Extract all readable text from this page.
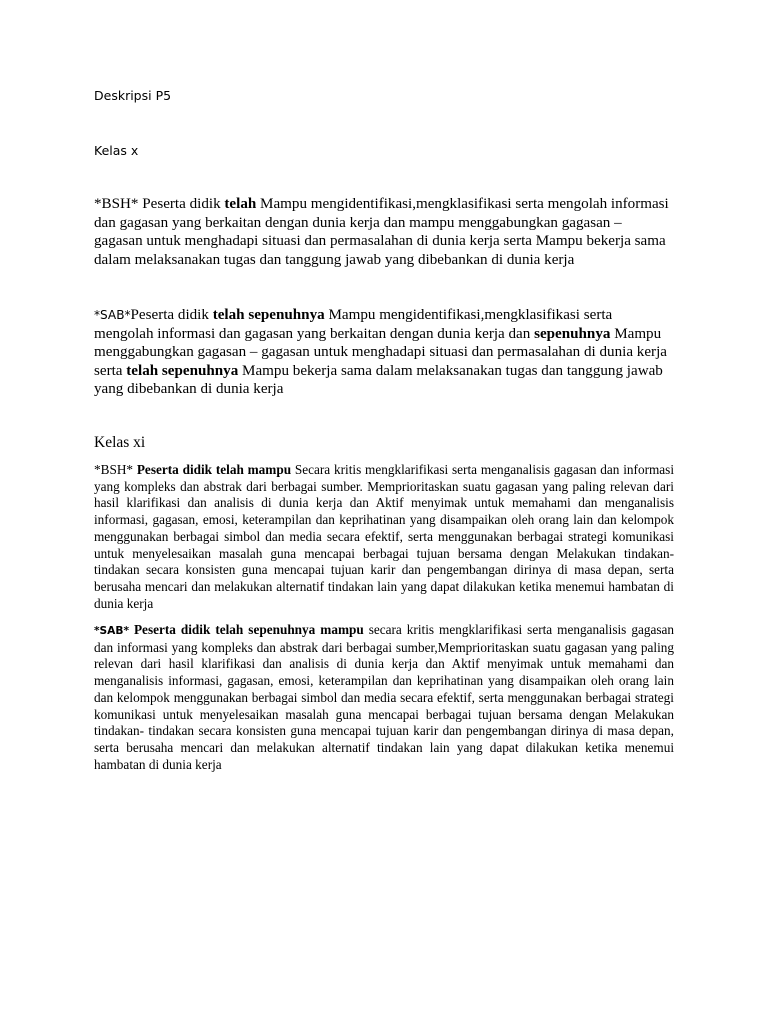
Deskripsi P5
Kelas x

*BSH* Peserta didik telah Mampu mengidentifikasi,mengklasifikasi serta mengolah informasi dan gagasan yang berkaitan dengan dunia kerja dan mampu menggabungkan gagasan – gagasan untuk menghadapi situasi dan permasalahan di dunia kerja serta Mampu bekerja sama dalam melaksanakan tugas dan tanggung jawab yang dibebankan di dunia kerja

*SAB*Peserta didik telah sepenuhnya Mampu mengidentifikasi,mengklasifikasi serta mengolah informasi dan gagasan yang berkaitan dengan dunia kerja dan sepenuhnya Mampu menggabungkan gagasan – gagasan untuk menghadapi situasi dan permasalahan di dunia kerja serta telah sepenuhnya Mampu bekerja sama dalam melaksanakan tugas dan tanggung jawab yang dibebankan di dunia kerja

Kelas xi

*BSH* Peserta didik telah mampu Secara kritis mengklarifikasi serta menganalisis gagasan dan informasi yang kompleks dan abstrak dari berbagai sumber. Memprioritaskan suatu gagasan yang paling relevan dari hasil klarifikasi dan analisis di dunia kerja dan Aktif menyimak untuk memahami dan menganalisis informasi, gagasan, emosi, keterampilan dan keprihatinan yang disampaikan oleh orang lain dan kelompok menggunakan berbagai simbol dan media secara efektif, serta menggunakan berbagai strategi komunikasi untuk menyelesaikan masalah guna mencapai berbagai tujuan bersama dengan Melakukan tindakan- tindakan secara konsisten guna mencapai tujuan karir dan pengembangan dirinya di masa depan, serta berusaha mencari dan melakukan alternatif tindakan lain yang dapat dilakukan ketika menemui hambatan di dunia kerja

*SAB* Peserta didik telah sepenuhnya mampu secara kritis mengklarifikasi serta menganalisis gagasan dan informasi yang kompleks dan abstrak dari berbagai sumber,Memprioritaskan suatu gagasan yang paling relevan dari hasil klarifikasi dan analisis di dunia kerja dan Aktif menyimak untuk memahami dan menganalisis informasi, gagasan, emosi, keterampilan dan keprihatinan yang disampaikan oleh orang lain dan kelompok menggunakan berbagai simbol dan media secara efektif, serta menggunakan berbagai strategi komunikasi untuk menyelesaikan masalah guna mencapai berbagai tujuan bersama dengan Melakukan tindakan- tindakan secara konsisten guna mencapai tujuan karir dan pengembangan dirinya di masa depan, serta berusaha mencari dan melakukan alternatif tindakan lain yang dapat dilakukan ketika menemui hambatan di dunia kerja
